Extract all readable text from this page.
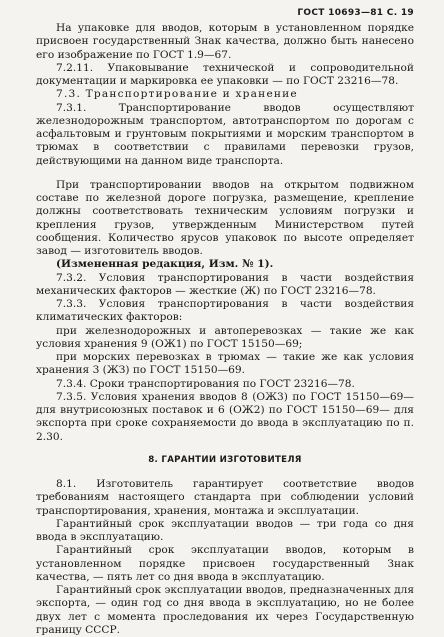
ГОСТ 10693—81 С. 19

На упаковке для вводов, которым в установленном порядке присвоен государственный Знак качества, должно быть нанесено его изображение по ГОСТ 1.9—67.

7.2.11. Упаковывание технической и сопроводительной документации и маркировка ее упаковки — по ГОСТ 23216—78.

7.3. Транспортирование и хранение

7.3.1. Транспортирование вводов осуществляют железнодорожным транспортом, автотранспортом по дорогам с асфальтовым и грунтовым покрытиями и морским транспортом в трюмах в соответствии с правилами перевозки грузов, действующими на данном виде транспорта.

При транспортировании вводов на открытом подвижном составе по железной дороге погрузка, размещение, крепление должны соответствовать техническим условиям погрузки и крепления грузов, утвержденным Министерством путей сообщения. Количество ярусов упаковок по высоте определяет завод — изготовитель вводов.

(Измененная редакция, Изм. № 1).

7.3.2. Условия транспортирования в части воздействия механических факторов — жесткие (Ж) по ГОСТ 23216—78.

7.3.3. Условия транспортирования в части воздействия климатических факторов:

при железнодорожных и автоперевозках — такие же как условия хранения 9 (ОЖ1) по ГОСТ 15150—69;

при морских перевозках в трюмах — такие же как условия хранения 3 (ЖЗ) по ГОСТ 15150—69.

7.3.4. Сроки транспортирования по ГОСТ 23216—78.

7.3.5. Условия хранения вводов 8 (ОЖ3) по ГОСТ 15150—69— для внутрисоюзных поставок и 6 (ОЖ2) по ГОСТ 15150—69— для экспорта при сроке сохраняемости до ввода в эксплуатацию по п. 2.30.

8. ГАРАНТИИ ИЗГОТОВИТЕЛЯ

8.1. Изготовитель гарантирует соответствие вводов требованиям настоящего стандарта при соблюдении условий транспортирования, хранения, монтажа и эксплуатации.

Гарантийный срок эксплуатации вводов — три года со дня ввода в эксплуатацию.

Гарантийный срок эксплуатации вводов, которым в установленном порядке присвоен государственный Знак качества, — пять лет со дня ввода в эксплуатацию.

Гарантийный срок эксплуатации вводов, предназначенных для экспорта, — один год со дня ввода в эксплуатацию, но не более двух лет с момента проследования их через Государственную границу СССР.
